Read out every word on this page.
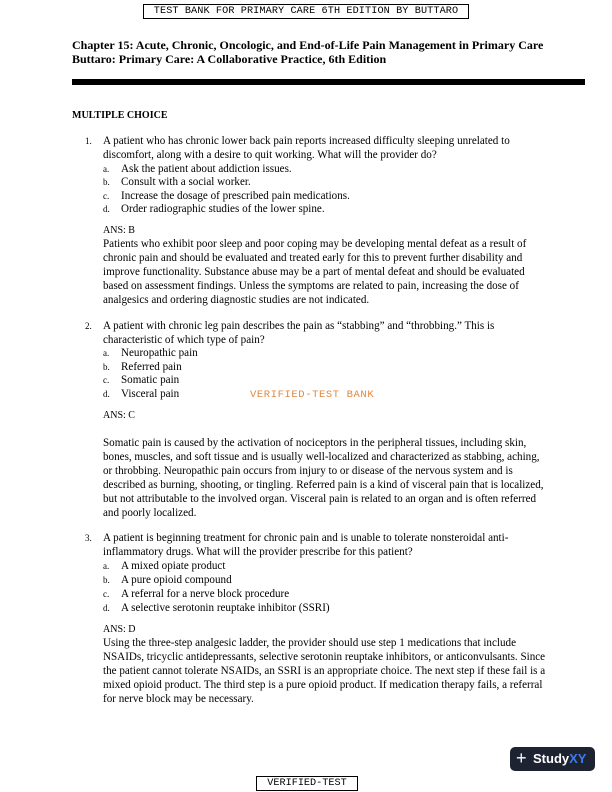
TEST BANK FOR PRIMARY CARE 6TH EDITION BY BUTTARO
Chapter 15: Acute, Chronic, Oncologic, and End-of-Life Pain Management in Primary Care
Buttaro: Primary Care: A Collaborative Practice, 6th Edition
MULTIPLE CHOICE
1. A patient who has chronic lower back pain reports increased difficulty sleeping unrelated to discomfort, along with a desire to quit working. What will the provider do?
a. Ask the patient about addiction issues.
b. Consult with a social worker.
c. Increase the dosage of prescribed pain medications.
d. Order radiographic studies of the lower spine.
ANS: B
Patients who exhibit poor sleep and poor coping may be developing mental defeat as a result of chronic pain and should be evaluated and treated early for this to prevent further disability and improve functionality. Substance abuse may be a part of mental defeat and should be evaluated based on assessment findings. Unless the symptoms are related to pain, increasing the dose of analgesics and ordering diagnostic studies are not indicated.
2. A patient with chronic leg pain describes the pain as “stabbing” and “throbbing.” This is characteristic of which type of pain?
a. Neuropathic pain
b. Referred pain
c. Somatic pain
d. Visceral pain
ANS: C
Somatic pain is caused by the activation of nociceptors in the peripheral tissues, including skin, bones, muscles, and soft tissue and is usually well-localized and characterized as stabbing, aching, or throbbing. Neuropathic pain occurs from injury to or disease of the nervous system and is described as burning, shooting, or tingling. Referred pain is a kind of visceral pain that is localized, but not attributable to the involved organ. Visceral pain is related to an organ and is often referred and poorly localized.
VERIFIED-TEST BANK
3. A patient is beginning treatment for chronic pain and is unable to tolerate nonsteroidal anti-inflammatory drugs. What will the provider prescribe for this patient?
a. A mixed opiate product
b. A pure opioid compound
c. A referral for a nerve block procedure
d. A selective serotonin reuptake inhibitor (SSRI)
ANS: D
Using the three-step analgesic ladder, the provider should use step 1 medications that include NSAIDs, tricyclic antidepressants, selective serotonin reuptake inhibitors, or anticonvulsants. Since the patient cannot tolerate NSAIDs, an SSRI is an appropriate choice. The next step if these fail is a mixed opioid product. The third step is a pure opioid product. If medication therapy fails, a referral for nerve block may be necessary.
+ StudyXY
VERIFIED-TEST
